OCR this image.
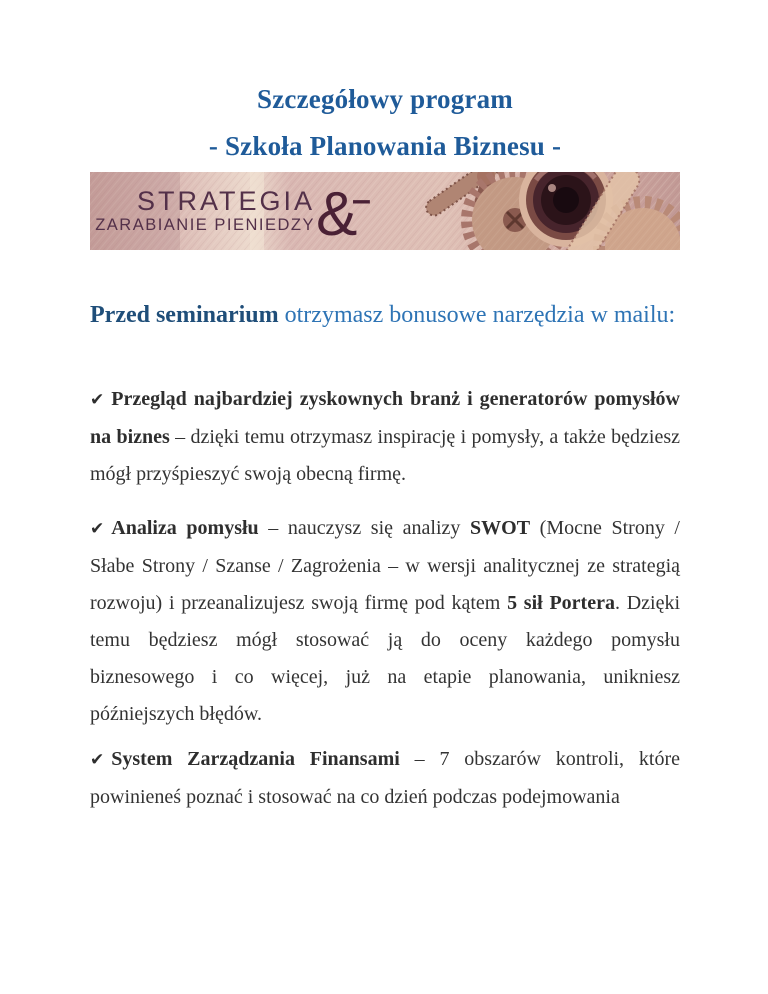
Szczegółowy program
- Szkoła Planowania Biznesu -
STRATEGIA
ZARABIANIE PIENIEDZY &
–

Przed seminarium otrzymasz bonusowe narzędzia w mailu:

✔ Przegląd najbardziej zyskownych branż i generatorów pomysłów na biznes – dzięki temu otrzymasz inspirację i pomysły, a także będziesz mógł przyśpieszyć swoją obecną firmę.

✔ Analiza pomysłu – nauczysz się analizy SWOT (Mocne Strony / Słabe Strony / Szanse / Zagrożenia – w wersji analitycznej ze strategią rozwoju) i przeanalizujesz swoją firmę pod kątem 5 sił Portera. Dzięki temu będziesz mógł stosować ją do oceny każdego pomysłu biznesowego i co więcej, już na etapie planowania, unikniesz późniejszych błędów.

✔ System Zarządzania Finansami – 7 obszarów kontroli, które powinieneś poznać i stosować na co dzień podczas podejmowania
